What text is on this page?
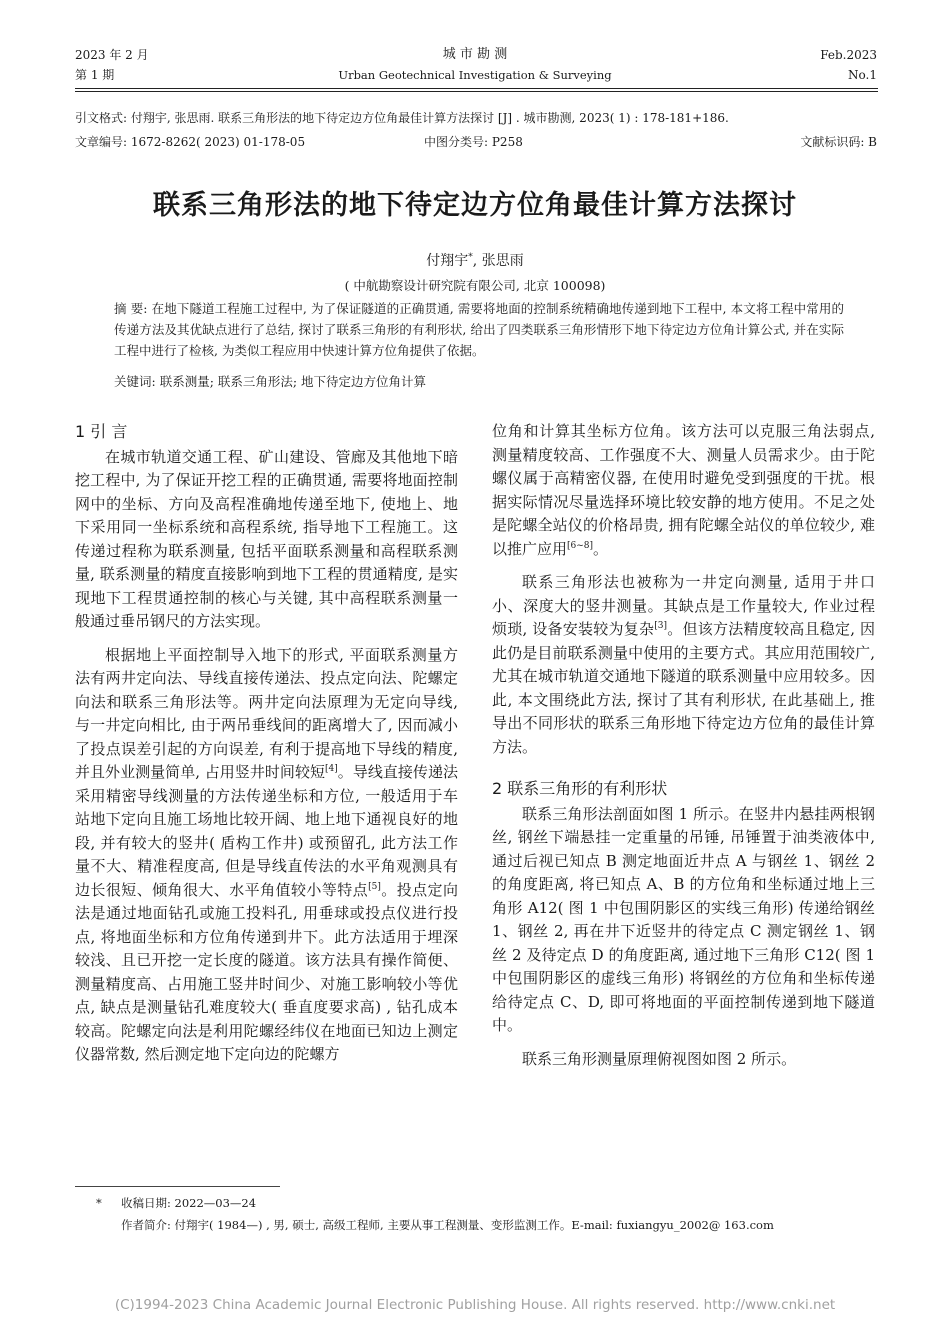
2023 年 2 月
第 1 期
城 市 勘 测
Urban Geotechnical Investigation & Surveying
Feb.2023
No.1
引文格式: 付翔宇, 张思雨. 联系三角形法的地下待定边方位角最佳计算方法探讨 [J] . 城市勘测, 2023( 1) : 178-181+186.
文章编号: 1672-8262( 2023) 01-178-05	中图分类号: P258	文献标识码: B
联系三角形法的地下待定边方位角最佳计算方法探讨
付翔宇*, 张思雨
( 中航勘察设计研究院有限公司, 北京 100098)
摘 要: 在地下隧道工程施工过程中, 为了保证隧道的正确贯通, 需要将地面的控制系统精确地传递到地下工程中, 本文将工程中常用的传递方法及其优缺点进行了总结, 探讨了联系三角形的有利形状, 给出了四类联系三角形情形下地下待定边方位角计算公式, 并在实际工程中进行了检核, 为类似工程应用中快速计算方位角提供了依据。
关键词: 联系测量; 联系三角形法; 地下待定边方位角计算
1 引 言

在城市轨道交通工程、矿山建设、管廊及其他地下暗挖工程中, 为了保证开挖工程的正确贯通, 需要将地面控制网中的坐标、方向及高程准确地传递至地下, 使地上、地下采用同一坐标系统和高程系统, 指导地下工程施工。这传递过程称为联系测量, 包括平面联系测量和高程联系测量, 联系测量的精度直接影响到地下工程的贯通精度, 是实现地下工程贯通控制的核心与关键, 其中高程联系测量一般通过垂吊钢尺的方法实现。

根据地上平面控制导入地下的形式, 平面联系测量方法有两井定向法、导线直接传递法、投点定向法、陀螺定向法和联系三角形法等。两井定向法原理为无定向导线, 与一井定向相比, 由于两吊垂线间的距离增大了, 因而减小了投点误差引起的方向误差, 有利于提高地下导线的精度, 并且外业测量简单, 占用竖井时间较短[4]。导线直接传递法采用精密导线测量的方法传递坐标和方位, 一般适用于车站地下定向且施工场地比较开阔、地上地下通视良好的地段, 并有较大的竖井( 盾构工作井) 或预留孔, 此方法工作量不大、精准程度高, 但是导线直传法的水平角观测具有边长很短、倾角很大、水平角值较小等特点[5]。投点定向法是通过地面钻孔或施工投料孔, 用垂球或投点仪进行投点, 将地面坐标和方位角传递到井下。此方法适用于埋深较浅、且已开挖一定长度的隧道。该方法具有操作简便、测量精度高、占用施工竖井时间少、对施工影响较小等优点, 缺点是测量钻孔难度较大( 垂直度要求高) , 钻孔成本较高。陀螺定向法是利用陀螺经纬仪在地面已知边上测定仪器常数, 然后测定地下定向边的陀螺方

位角和计算其坐标方位角。该方法可以克服三角法弱点, 测量精度较高、工作强度不大、测量人员需求少。由于陀螺仪属于高精密仪器, 在使用时避免受到强度的干扰。根据实际情况尽量选择环境比较安静的地方使用。不足之处是陀螺全站仪的价格昂贵, 拥有陀螺全站仪的单位较少, 难以推广应用[6~8]。

联系三角形法也被称为一井定向测量, 适用于井口小、深度大的竖井测量。其缺点是工作量较大, 作业过程烦琐, 设备安装较为复杂[3]。但该方法精度较高且稳定, 因此仍是目前联系测量中使用的主要方式。其应用范围较广, 尤其在城市轨道交通地下隧道的联系测量中应用较多。因此, 本文围绕此方法, 探讨了其有利形状, 在此基础上, 推导出不同形状的联系三角形地下待定边方位角的最佳计算方法。

2 联系三角形的有利形状

联系三角形法剖面如图 1 所示。在竖井内悬挂两根钢丝, 钢丝下端悬挂一定重量的吊锤, 吊锤置于油类液体中, 通过后视已知点 B 测定地面近井点 A 与钢丝 1、钢丝 2 的角度距离, 将已知点 A、B 的方位角和坐标通过地上三角形 A12( 图 1 中包围阴影区的实线三角形) 传递给钢丝 1、钢丝 2, 再在井下近竖井的待定点 C 测定钢丝 1、钢丝 2 及待定点 D 的角度距离, 通过地下三角形 C12( 图 1 中包围阴影区的虚线三角形) 将钢丝的方位角和坐标传递给待定点 C、D, 即可将地面的平面控制传递到地下隧道中。

联系三角形测量原理俯视图如图 2 所示。

* 收稿日期: 2022—03—24
作者简介: 付翔宇( 1984—) , 男, 硕士, 高级工程师, 主要从事工程测量、变形监测工作。E-mail: fuxiangyu_2002@ 163.com
(C)1994-2023 China Academic Journal Electronic Publishing House. All rights reserved. http://www.cnki.net
